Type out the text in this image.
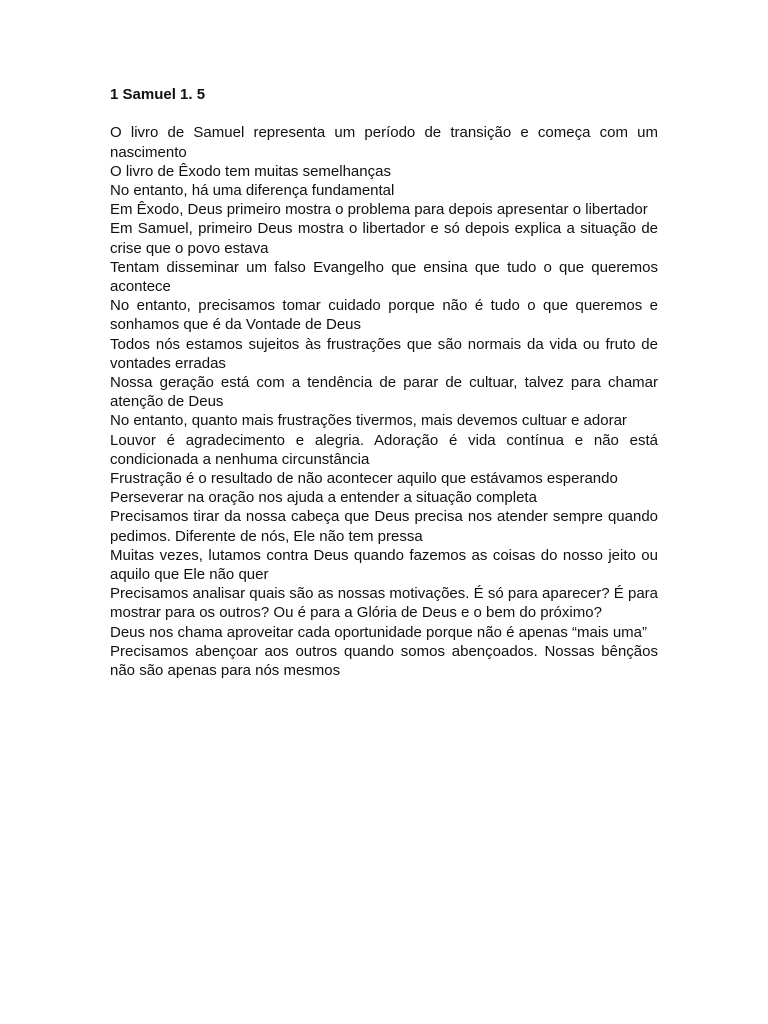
1 Samuel 1. 5

O livro de Samuel representa um período de transição e começa com um nascimento

O livro de Êxodo tem muitas semelhanças

No entanto, há uma diferença fundamental

Em Êxodo, Deus primeiro mostra o problema para depois apresentar o libertador

Em Samuel, primeiro Deus mostra o libertador e só depois explica a situação de crise que o povo estava

Tentam disseminar um falso Evangelho que ensina que tudo o que queremos acontece

No entanto, precisamos tomar cuidado porque não é tudo o que queremos e sonhamos que é da Vontade de Deus

Todos nós estamos sujeitos às frustrações que são normais da vida ou fruto de vontades erradas

Nossa geração está com a tendência de parar de cultuar, talvez para chamar atenção de Deus

No entanto, quanto mais frustrações tivermos, mais devemos cultuar e adorar

Louvor é agradecimento e alegria. Adoração é vida contínua e não está condicionada a nenhuma circunstância

Frustração é o resultado de não acontecer aquilo que estávamos esperando

Perseverar na oração nos ajuda a entender a situação completa

Precisamos tirar da nossa cabeça que Deus precisa nos atender sempre quando pedimos. Diferente de nós, Ele não tem pressa

Muitas vezes, lutamos contra Deus quando fazemos as coisas do nosso jeito ou aquilo que Ele não quer

Precisamos analisar quais são as nossas motivações. É só para aparecer? É para mostrar para os outros? Ou é para a Glória de Deus e o bem do próximo?

Deus nos chama aproveitar cada oportunidade porque não é apenas “mais uma”

Precisamos abençoar aos outros quando somos abençoados. Nossas bênçãos não são apenas para nós mesmos
